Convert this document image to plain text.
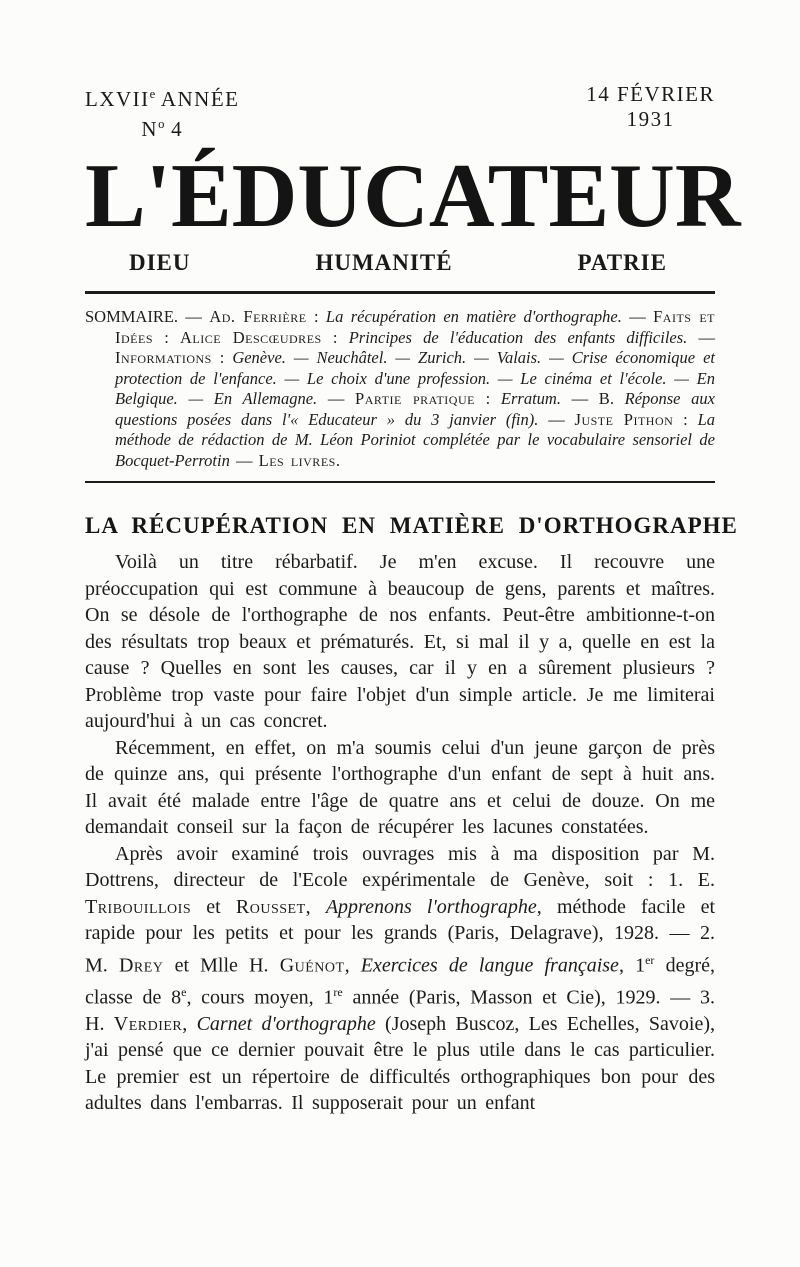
LXVIIe ANNÉE
$N^o$ 4
14 FÉVRIER
1931
L'ÉDUCATEUR
DIEU	HUMANITÉ	PATRIE

SOMMAIRE. — Ad. Ferrière : La récupération en matière d'orthographe. — Faits et Idées : Alice Descœudres : Principes de l'éducation des enfants difficiles. — Informations : Genève. — Neuchâtel. — Zurich. — Valais. — Crise économique et protection de l'enfance. — Le choix d'une profession. — Le cinéma et l'école. — En Belgique. — En Allemagne. — Partie pratique : Erratum. — B. Réponse aux questions posées dans l'« Educateur » du 3 janvier (fin). — Juste Pithon : La méthode de rédaction de M. Léon Poriniot complétée par le vocabulaire sensoriel de Bocquet-Perrotin — Les livres.

LA RÉCUPÉRATION EN MATIÈRE D'ORTHOGRAPHE

Voilà un titre rébarbatif. Je m'en excuse. Il recouvre une préoccupation qui est commune à beaucoup de gens, parents et maîtres. On se désole de l'orthographe de nos enfants. Peut-être ambitionne-t-on des résultats trop beaux et prématurés. Et, si mal il y a, quelle en est la cause ? Quelles en sont les causes, car il y en a sûrement plusieurs ? Problème trop vaste pour faire l'objet d'un simple article. Je me limiterai aujourd'hui à un cas concret.

Récemment, en effet, on m'a soumis celui d'un jeune garçon de près de quinze ans, qui présente l'orthographe d'un enfant de sept à huit ans. Il avait été malade entre l'âge de quatre ans et celui de douze. On me demandait conseil sur la façon de récupérer les lacunes constatées.

Après avoir examiné trois ouvrages mis à ma disposition par M. Dottrens, directeur de l'Ecole expérimentale de Genève, soit : 1. E. Tribouillois et Rousset, Apprenons l'orthographe, méthode facile et rapide pour les petits et pour les grands (Paris, Delagrave), 1928. — 2. M. Drey et Mlle H. Guénot, Exercices de langue française, 1er degré, classe de 8e, cours moyen, 1re année (Paris, Masson et Cie), 1929. — 3. H. Verdier, Carnet d'orthographe (Joseph Buscoz, Les Echelles, Savoie), j'ai pensé que ce dernier pouvait être le plus utile dans le cas particulier. Le premier est un répertoire de difficultés orthographiques bon pour des adultes dans l'embarras. Il supposerait pour un enfant
